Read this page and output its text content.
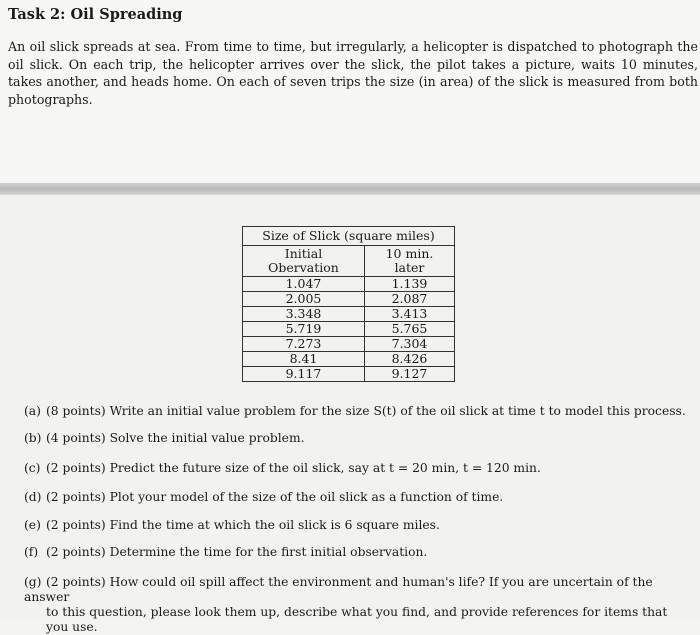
Task 2: Oil Spreading
An oil slick spreads at sea. From time to time, but irregularly, a helicopter is dispatched to photograph the oil slick. On each trip, the helicopter arrives over the slick, the pilot takes a picture, waits 10 minutes, takes another, and heads home. On each of seven trips the size (in area) of the slick is measured from both photographs.
Size of Slick (square miles)	
Initial Obervation	10 min. later
1.047	1.139
2.005	2.087
3.348	3.413
5.719	5.765
7.273	7.304
8.41	8.426
9.117	9.127
(a) (8 points) Write an initial value problem for the size S(t) of the oil slick at time t to model this process.
(b) (4 points) Solve the initial value problem.
(c) (2 points) Predict the future size of the oil slick, say at t = 20 min, t = 120 min.
(d) (2 points) Plot your model of the size of the oil slick as a function of time.
(e) (2 points) Find the time at which the oil slick is 6 square miles.
(f) (2 points) Determine the time for the first initial observation.
(g) (2 points) How could oil spill affect the environment and human's life? If you are uncertain of the answer
to this question, please look them up, describe what you find, and provide references for items that you use.
